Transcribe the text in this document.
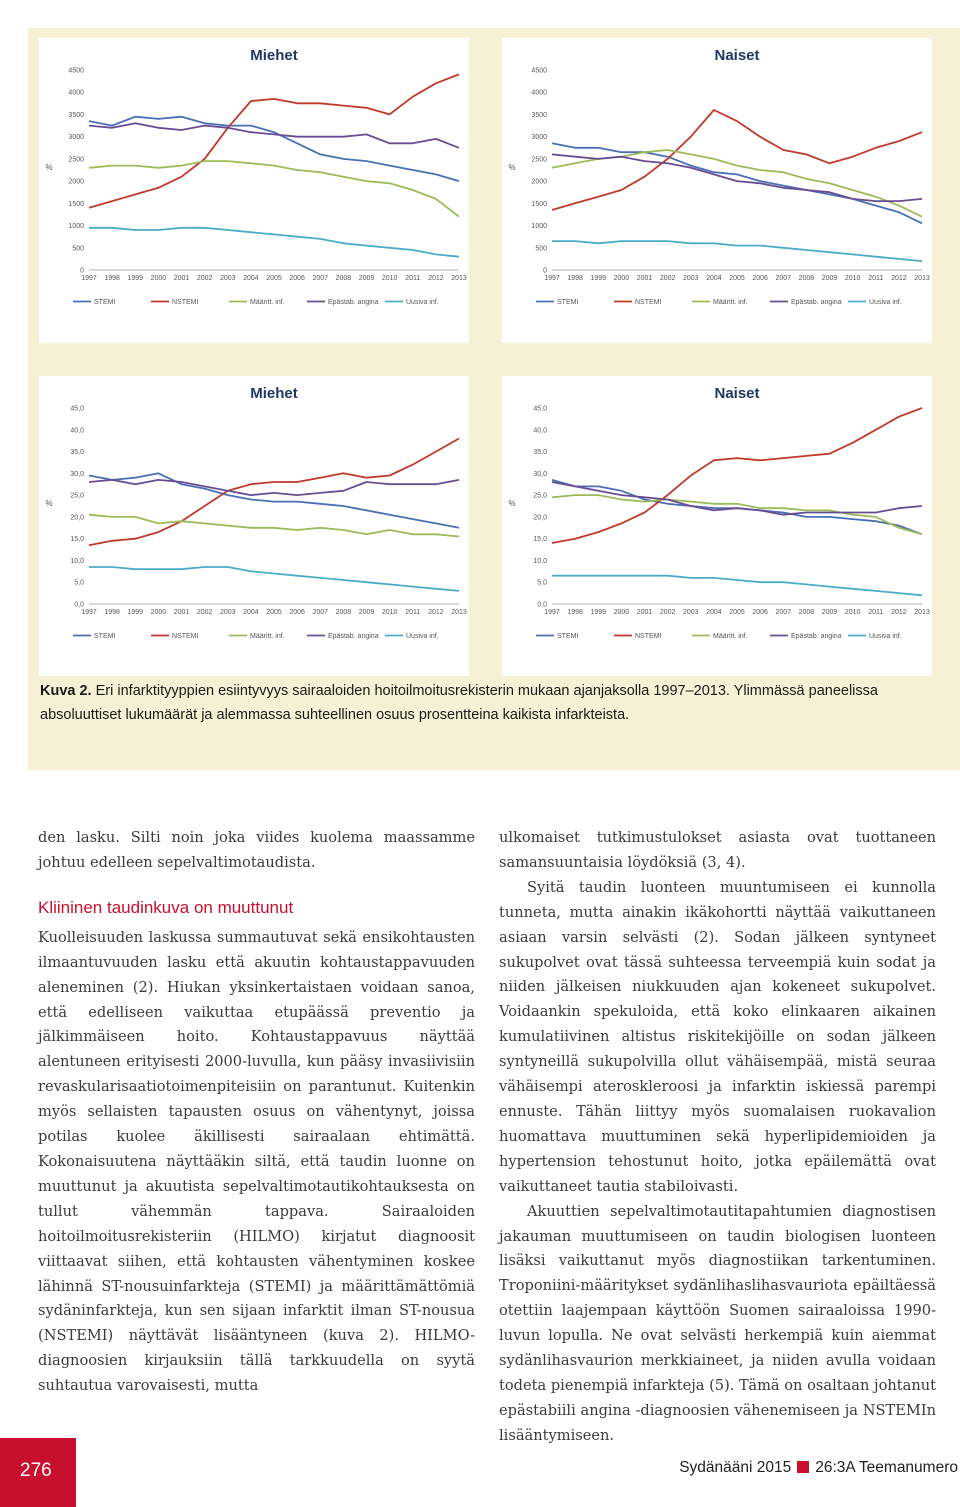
Miehet
%
4500
4000
3500
3000
2500
2000
1500
1000
500
0
1997 1998 1999 2000 2001 2002 2003 2004 2005 2006 2007 2008 2009 2010 2011 2012 2013
STEMI	NSTEMI	Määritt. inf.	Epästab. angina	Uusiva inf.
Naiset
%
4500
4000
3500
3000
2500
2000
1500
1000
500
0
1997 1998 1999 2000 2001 2002 2003 2004 2005 2006 2007 2008 2009 2010 2011 2012 2013
STEMI	NSTEMI	Määritt. inf.	Epästab. angina	Uusiva inf.
Miehet
%
45,0
40,0
35,0
30,0
25,0
20,0
15,0
10,0
5,0
0,0
1997 1998 1999 2000 2001 2002 2003 2004 2005 2006 2007 2008 2009 2010 2011 2012 2013
STEMI	NSTEMI	Määritt. inf.	Epästab. angina	Uusiva inf.
Naiset
%
45,0
40,0
35,0
30,0
25,0
20,0
15,0
10,0
5,0
0,0
1997 1998 1999 2000 2001 2002 2003 2004 2005 2006 2007 2008 2009 2010 2011 2012 2013
STEMI	NSTEMI	Määritt. inf.	Epästab. angina	Uusiva inf.
Kuva 2. Eri infarktityyppien esiintyvyys sairaaloiden hoitoilmoitusrekisterin mukaan ajanjaksolla 1997–2013. Ylimmässä paneelissa absoluuttiset lukumäärät ja alemmassa suhteellinen osuus prosentteina kaikista infarkteista.

den lasku. Silti noin joka viides kuolema maassamme johtuu edelleen sepelvaltimotaudista.

Kliininen taudinkuva on muuttunut

Kuolleisuuden laskussa summautuvat sekä ensikohtausten ilmaantuvuuden lasku että akuutin kohtaustappavuuden aleneminen (2). Hiukan yksinkertaistaen voidaan sanoa, että edelliseen vaikuttaa etupäässä preventio ja jälkimmäiseen hoito. Kohtaustappavuus näyttää alentuneen erityisesti 2000-luvulla, kun pääsy invasiivisiin revaskularisaatiotoimenpiteisiin on parantunut. Kuitenkin myös sellaisten tapausten osuus on vähentynyt, joissa potilas kuolee äkillisesti sairaalaan ehtimättä. Kokonaisuutena näyttääkin siltä, että taudin luonne on muuttunut ja akuutista sepelvaltimotautikohtauksesta on tullut vähemmän tappava. Sairaaloiden hoitoilmoitusrekisteriin (HILMO) kirjatut diagnoosit viittaavat siihen, että kohtausten vähentyminen koskee lähinnä ST-nousuinfarkteja (STEMI) ja määrittämättömiä sydäninfarkteja, kun sen sijaan infarktit ilman ST-nousua (NSTEMI) näyttävät lisääntyneen (kuva 2). HILMO-diagnoosien kirjauksiin tällä tarkkuudella on syytä suhtautua varovaisesti, mutta

ulkomaiset tutkimustulokset asiasta ovat tuottaneen samansuuntaisia löydöksiä (3, 4).

Syitä taudin luonteen muuntumiseen ei kunnolla tunneta, mutta ainakin ikäkohortti näyttää vaikuttaneen asiaan varsin selvästi (2). Sodan jälkeen syntyneet sukupolvet ovat tässä suhteessa terveempiä kuin sodat ja niiden jälkeisen niukkuuden ajan kokeneet sukupolvet. Voidaankin spekuloida, että koko elinkaaren aikainen kumulatiivinen altistus riskitekijöille on sodan jälkeen syntyneillä sukupolvilla ollut vähäisempää, mistä seuraa vähäisempi ateroskleroosi ja infarktin iskiessä parempi ennuste. Tähän liittyy myös suomalaisen ruokavalion huomattava muuttuminen sekä hyperlipidemioiden ja hypertension tehostunut hoito, jotka epäilemättä ovat vaikuttaneet tautia stabiloivasti.

Akuuttien sepelvaltimotautitapahtumien diagnostisen jakauman muuttumiseen on taudin biologisen luonteen lisäksi vaikuttanut myös diagnostiikan tarkentuminen. Troponiini-määritykset sydänlihaslihasvauriota epäiltäessä otettiin laajempaan käyttöön Suomen sairaaloissa 1990-luvun lopulla. Ne ovat selvästi herkempiä kuin aiemmat sydänlihasvaurion merkkiaineet, ja niiden avulla voidaan todeta pienempiä infarkteja (5). Tämä on osaltaan johtanut epästabiili angina -diagnoosien vähenemiseen ja NSTEMIn lisääntymiseen.

276	Sydänääni 2015 26:3A Teemanumero
